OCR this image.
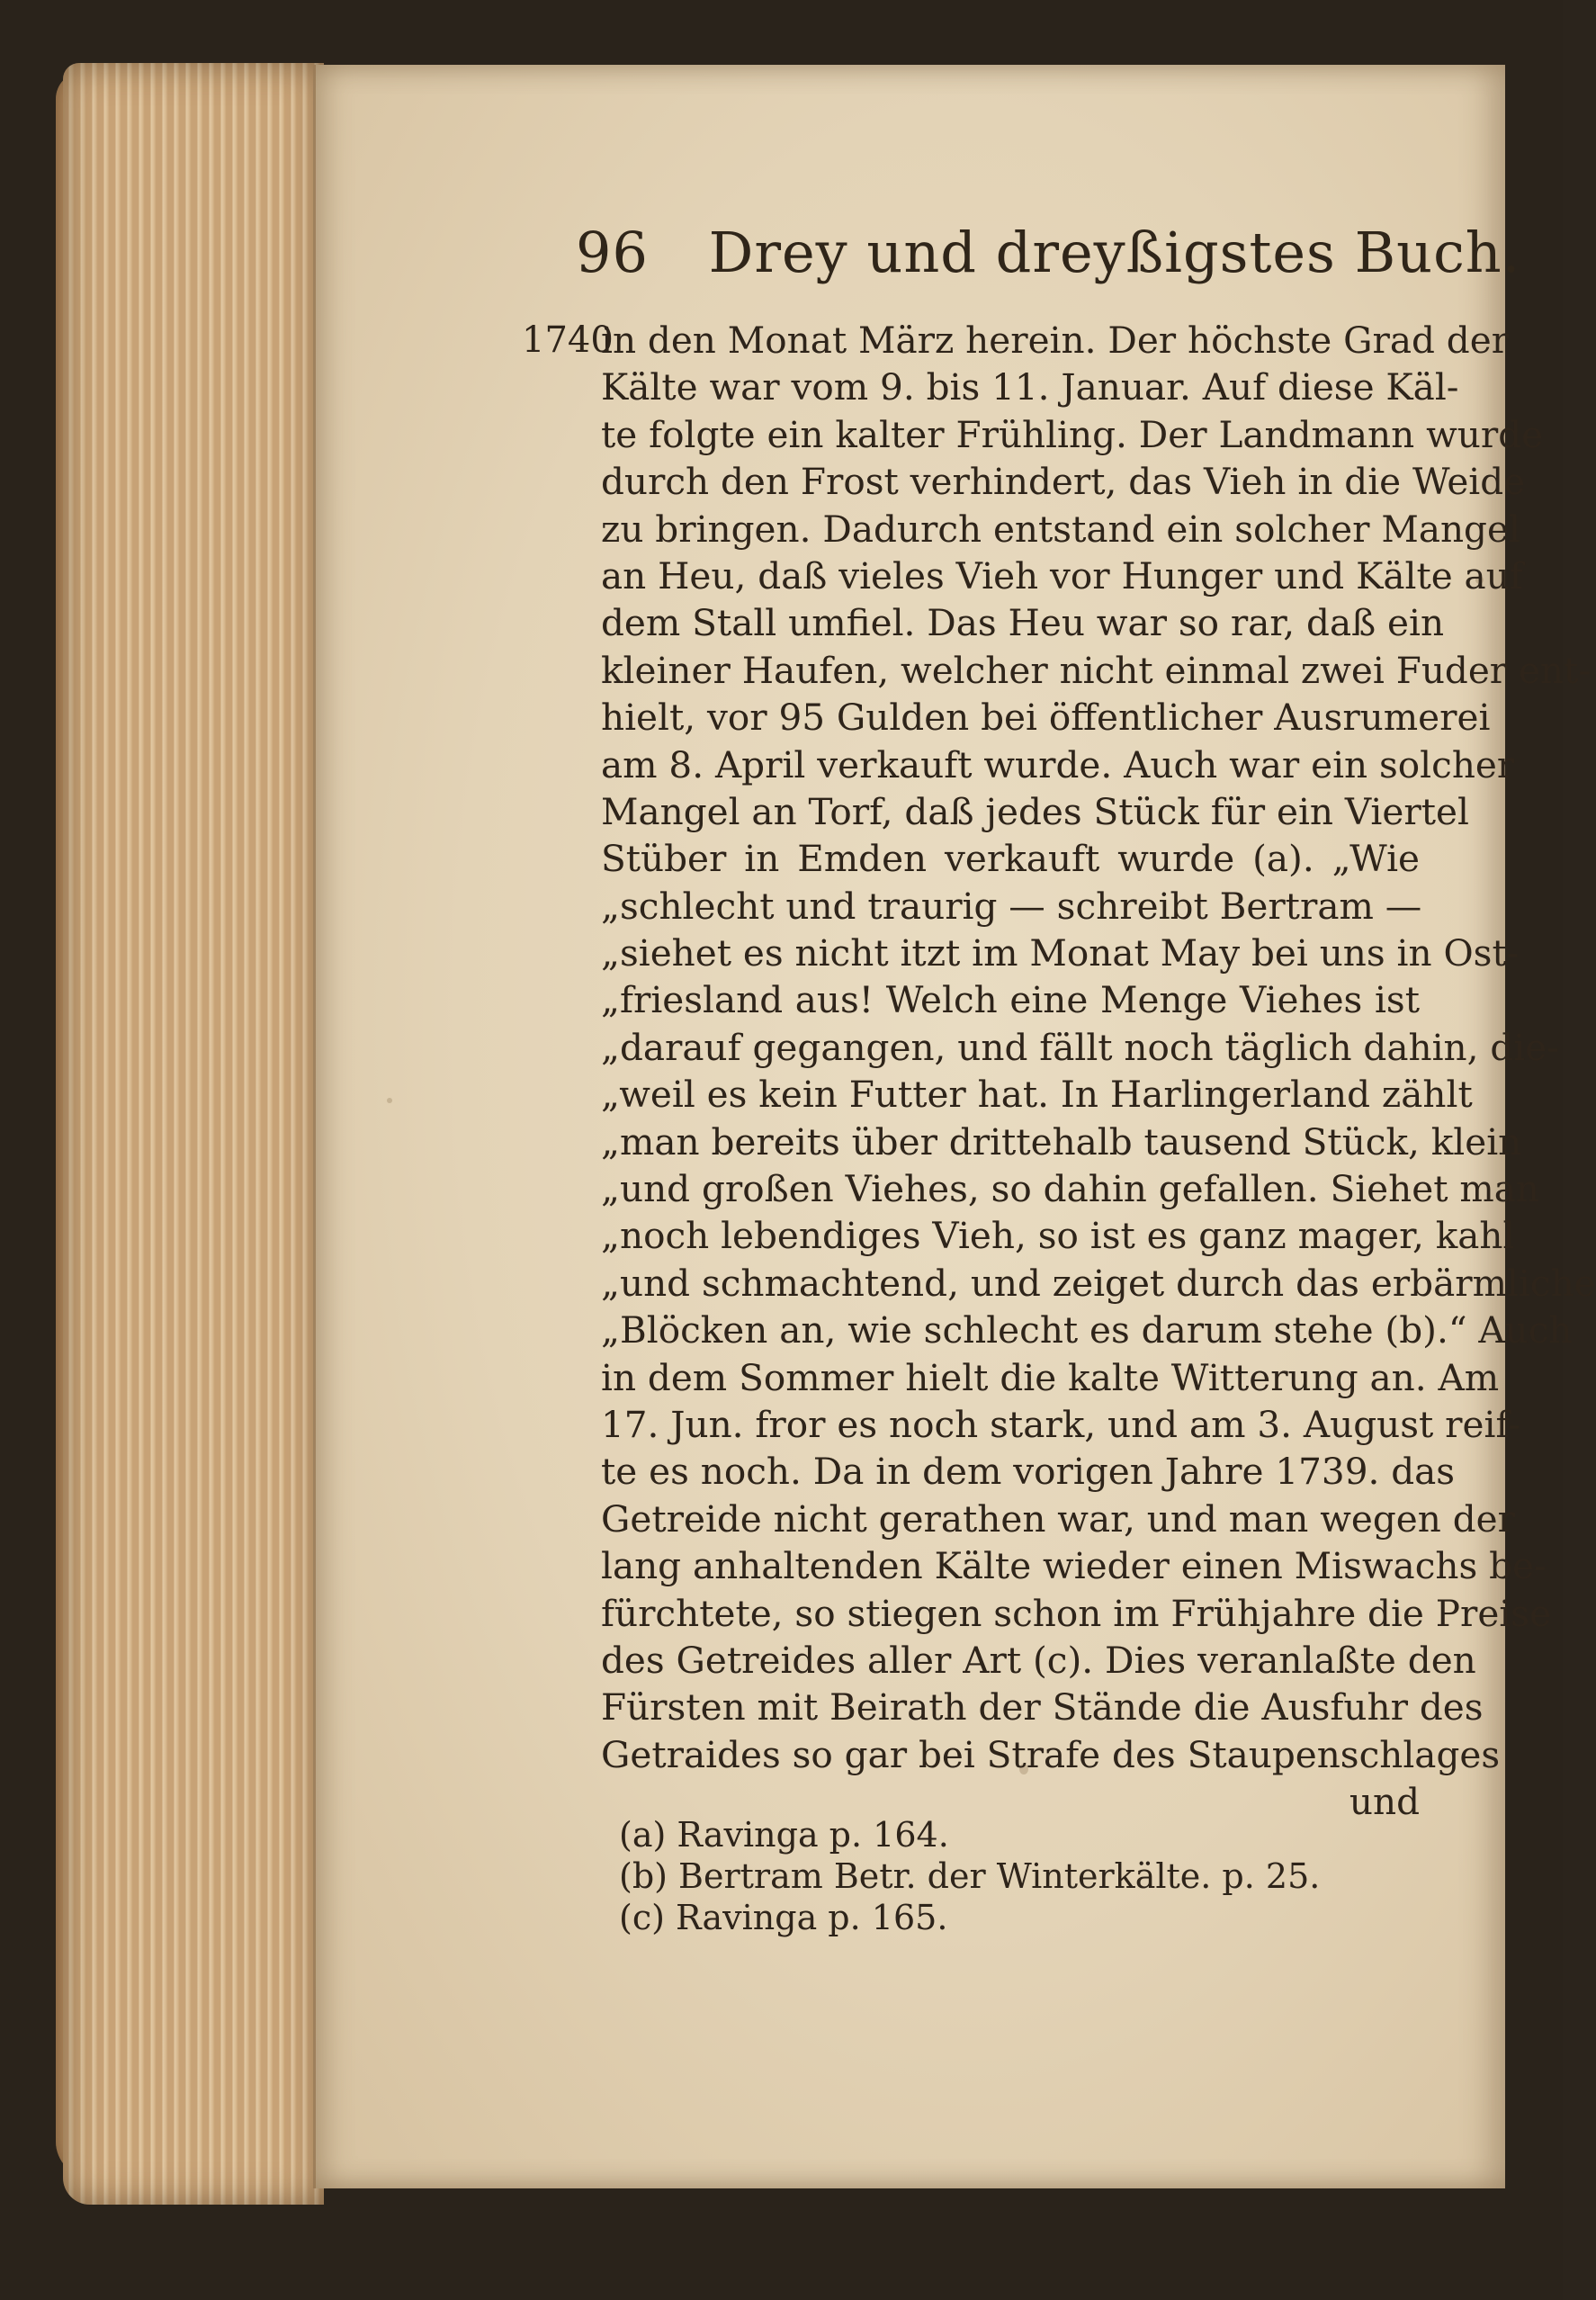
96 Drey und dreyßigstes Buch.
1740
in den Monat März herein. Der höchste Grad der
Kälte war vom 9. bis 11. Januar. Auf diese Käl-
te folgte ein kalter Frühling. Der Landmann wurde
durch den Frost verhindert, das Vieh in die Weide
zu bringen. Dadurch entstand ein solcher Mangel
an Heu, daß vieles Vieh vor Hunger und Kälte auf
dem Stall umfiel. Das Heu war so rar, daß ein
kleiner Haufen, welcher nicht einmal zwei Fuder ent-
hielt, vor 95 Gulden bei öffentlicher Ausrumerei
am 8. April verkauft wurde. Auch war ein solcher
Mangel an Torf, daß jedes Stück für ein Viertel
Stüber in Emden verkauft wurde (a). „Wie
„schlecht und traurig — schreibt Bertram —
„siehet es nicht itzt im Monat May bei uns in Ost-
„friesland aus! Welch eine Menge Viehes ist
„darauf gegangen, und fällt noch täglich dahin, die-
„weil es kein Futter hat. In Harlingerland zählt
„man bereits über drittehalb tausend Stück, klein
„und großen Viehes, so dahin gefallen. Siehet man
„noch lebendiges Vieh, so ist es ganz mager, kahl
„und schmachtend, und zeiget durch das erbärmliche
„Blöcken an, wie schlecht es darum stehe (b).“ Auch
in dem Sommer hielt die kalte Witterung an. Am
17. Jun. fror es noch stark, und am 3. August reif-
te es noch. Da in dem vorigen Jahre 1739. das
Getreide nicht gerathen war, und man wegen der
lang anhaltenden Kälte wieder einen Miswachs be-
fürchtete, so stiegen schon im Frühjahre die Preise
des Getreides aller Art (c). Dies veranlaßte den
Fürsten mit Beirath der Stände die Ausfuhr des
Getraides so gar bei Strafe des Staupenschlages
und
(a) Ravinga p. 164.
(b) Bertram Betr. der Winterkälte. p. 25.
(c) Ravinga p. 165.
